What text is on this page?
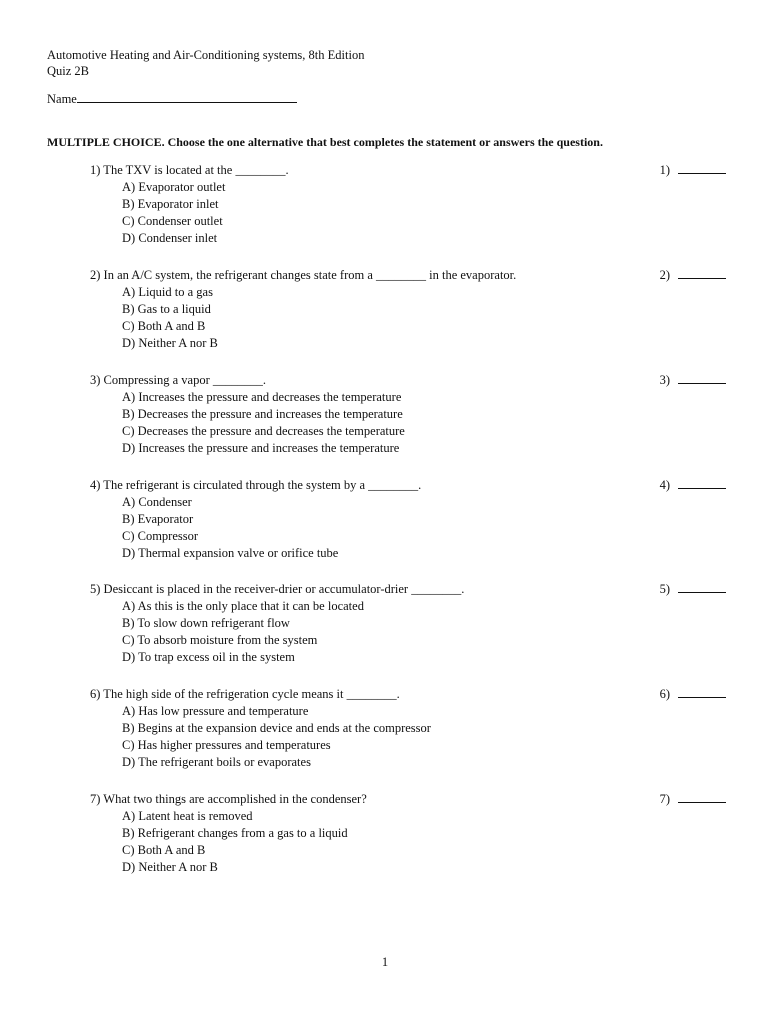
Automotive Heating and Air-Conditioning systems, 8th Edition
Quiz 2B
Name
MULTIPLE CHOICE. Choose the one alternative that best completes the statement or answers the question.
1) The TXV is located at the ________.
A) Evaporator outlet
B) Evaporator inlet
C) Condenser outlet
D) Condenser inlet
1)
2) In an A/C system, the refrigerant changes state from a ________ in the evaporator.
A) Liquid to a gas
B) Gas to a liquid
C) Both A and B
D) Neither A nor B
2)
3) Compressing a vapor ________.
A) Increases the pressure and decreases the temperature
B) Decreases the pressure and increases the temperature
C) Decreases the pressure and decreases the temperature
D) Increases the pressure and increases the temperature
3)
4) The refrigerant is circulated through the system by a ________.
A) Condenser
B) Evaporator
C) Compressor
D) Thermal expansion valve or orifice tube
4)
5) Desiccant is placed in the receiver-drier or accumulator-drier ________.
A) As this is the only place that it can be located
B) To slow down refrigerant flow
C) To absorb moisture from the system
D) To trap excess oil in the system
5)
6) The high side of the refrigeration cycle means it ________.
A) Has low pressure and temperature
B) Begins at the expansion device and ends at the compressor
C) Has higher pressures and temperatures
D) The refrigerant boils or evaporates
6)
7) What two things are accomplished in the condenser?
A) Latent heat is removed
B) Refrigerant changes from a gas to a liquid
C) Both A and B
D) Neither A nor B
7)
1
